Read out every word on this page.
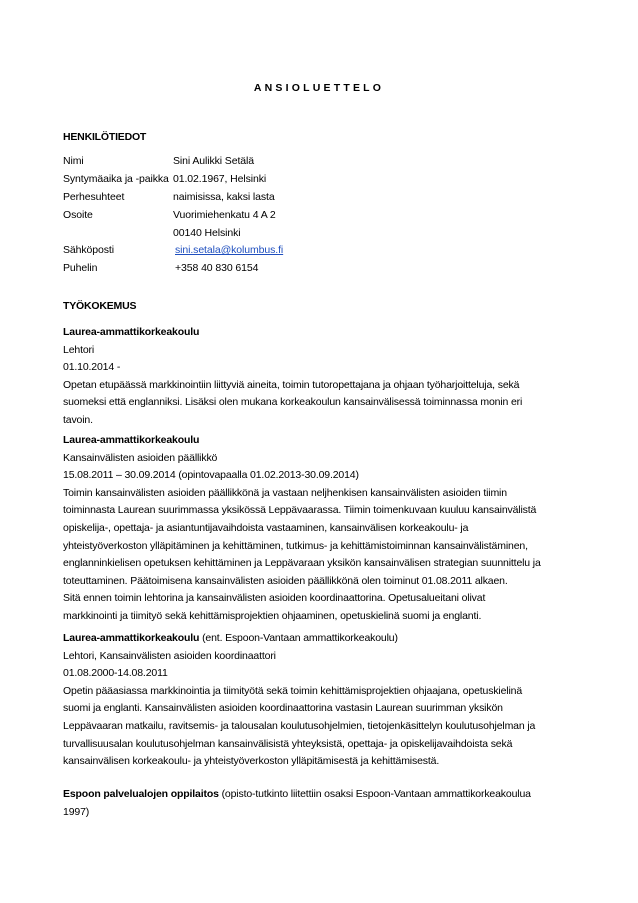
ANSIOLUETTELO
HENKILÖTIEDOT
Nimi	Sini Aulikki Setälä
Syntymäaika ja -paikka 01.02.1967, Helsinki
Perhesuhteet	naimisissa, kaksi lasta
Osoite	Vuorimiehenkatu 4 A 2
00140 Helsinki
Sähköposti	sini.setala@kolumbus.fi
Puhelin	+358 40 830 6154
TYÖKOKEMUS
Laurea-ammattikorkeakoulu
Lehtori
01.10.2014 -
Opetan etupäässä markkinointiin liittyviä aineita, toimin tutoropettajana ja ohjaan työharjoitteluja, sekä
suomeksi että englanniksi. Lisäksi olen mukana korkeakoulun kansainvälisessä toiminnassa monin eri
tavoin.
Laurea-ammattikorkeakoulu
Kansainvälisten asioiden päällikkö
15.08.2011 – 30.09.2014 (opintovapaalla 01.02.2013-30.09.2014)
Toimin kansainvälisten asioiden päällikkönä ja vastaan neljhenkisen kansainvälisten asioiden tiimin
toiminnasta Laurean suurimmassa yksikössä Leppävaarassa. Tiimin toimenkuvaan kuuluu kansainvälistä
opiskelija-, opettaja- ja asiantuntijavaihdoista vastaaminen, kansainvälisen korkeakoulu- ja
yhteistyöverkoston ylläpitäminen ja kehittäminen, tutkimus- ja kehittämistoiminnan kansainvälistäminen,
englanninkielisen opetuksen kehittäminen ja Leppävaraan yksikön kansainvälisen strategian suunnittelu ja
toteuttaminen. Päätoimisena kansainvälisten asioiden päällikkönä olen toiminut 01.08.2011 alkaen.
Sitä ennen toimin lehtorina ja kansainvälisten asioiden koordinaattorina. Opetusalueitani olivat
markkinointi ja tiimityö sekä kehittämisprojektien ohjaaminen, opetuskielinä suomi ja englanti.
Laurea-ammattikorkeakoulu (ent. Espoon-Vantaan ammattikorkeakoulu)
Lehtori, Kansainvälisten asioiden koordinaattori
01.08.2000-14.08.2011
Opetin pääasiassa markkinointia ja tiimityötä sekä toimin kehittämisprojektien ohjaajana, opetuskielinä
suomi ja englanti. Kansainvälisten asioiden koordinaattorina vastasin Laurean suurimman yksikön
Leppävaaran matkailu, ravitsemis- ja talousalan koulutusohjelmien, tietojenkäsittelyn koulutusohjelman ja
turvallisuusalan koulutusohjelman kansainvälisistä yhteyksistä, opettaja- ja opiskelijavaihdoista sekä
kansainvälisen korkeakoulu- ja yhteistyöverkoston ylläpitämisestä ja kehittämisestä.
Espoon palvelualojen oppilaitos (opisto-tutkinto liitettiin osaksi Espoon-Vantaan ammattikorkeakoulua
1997)
